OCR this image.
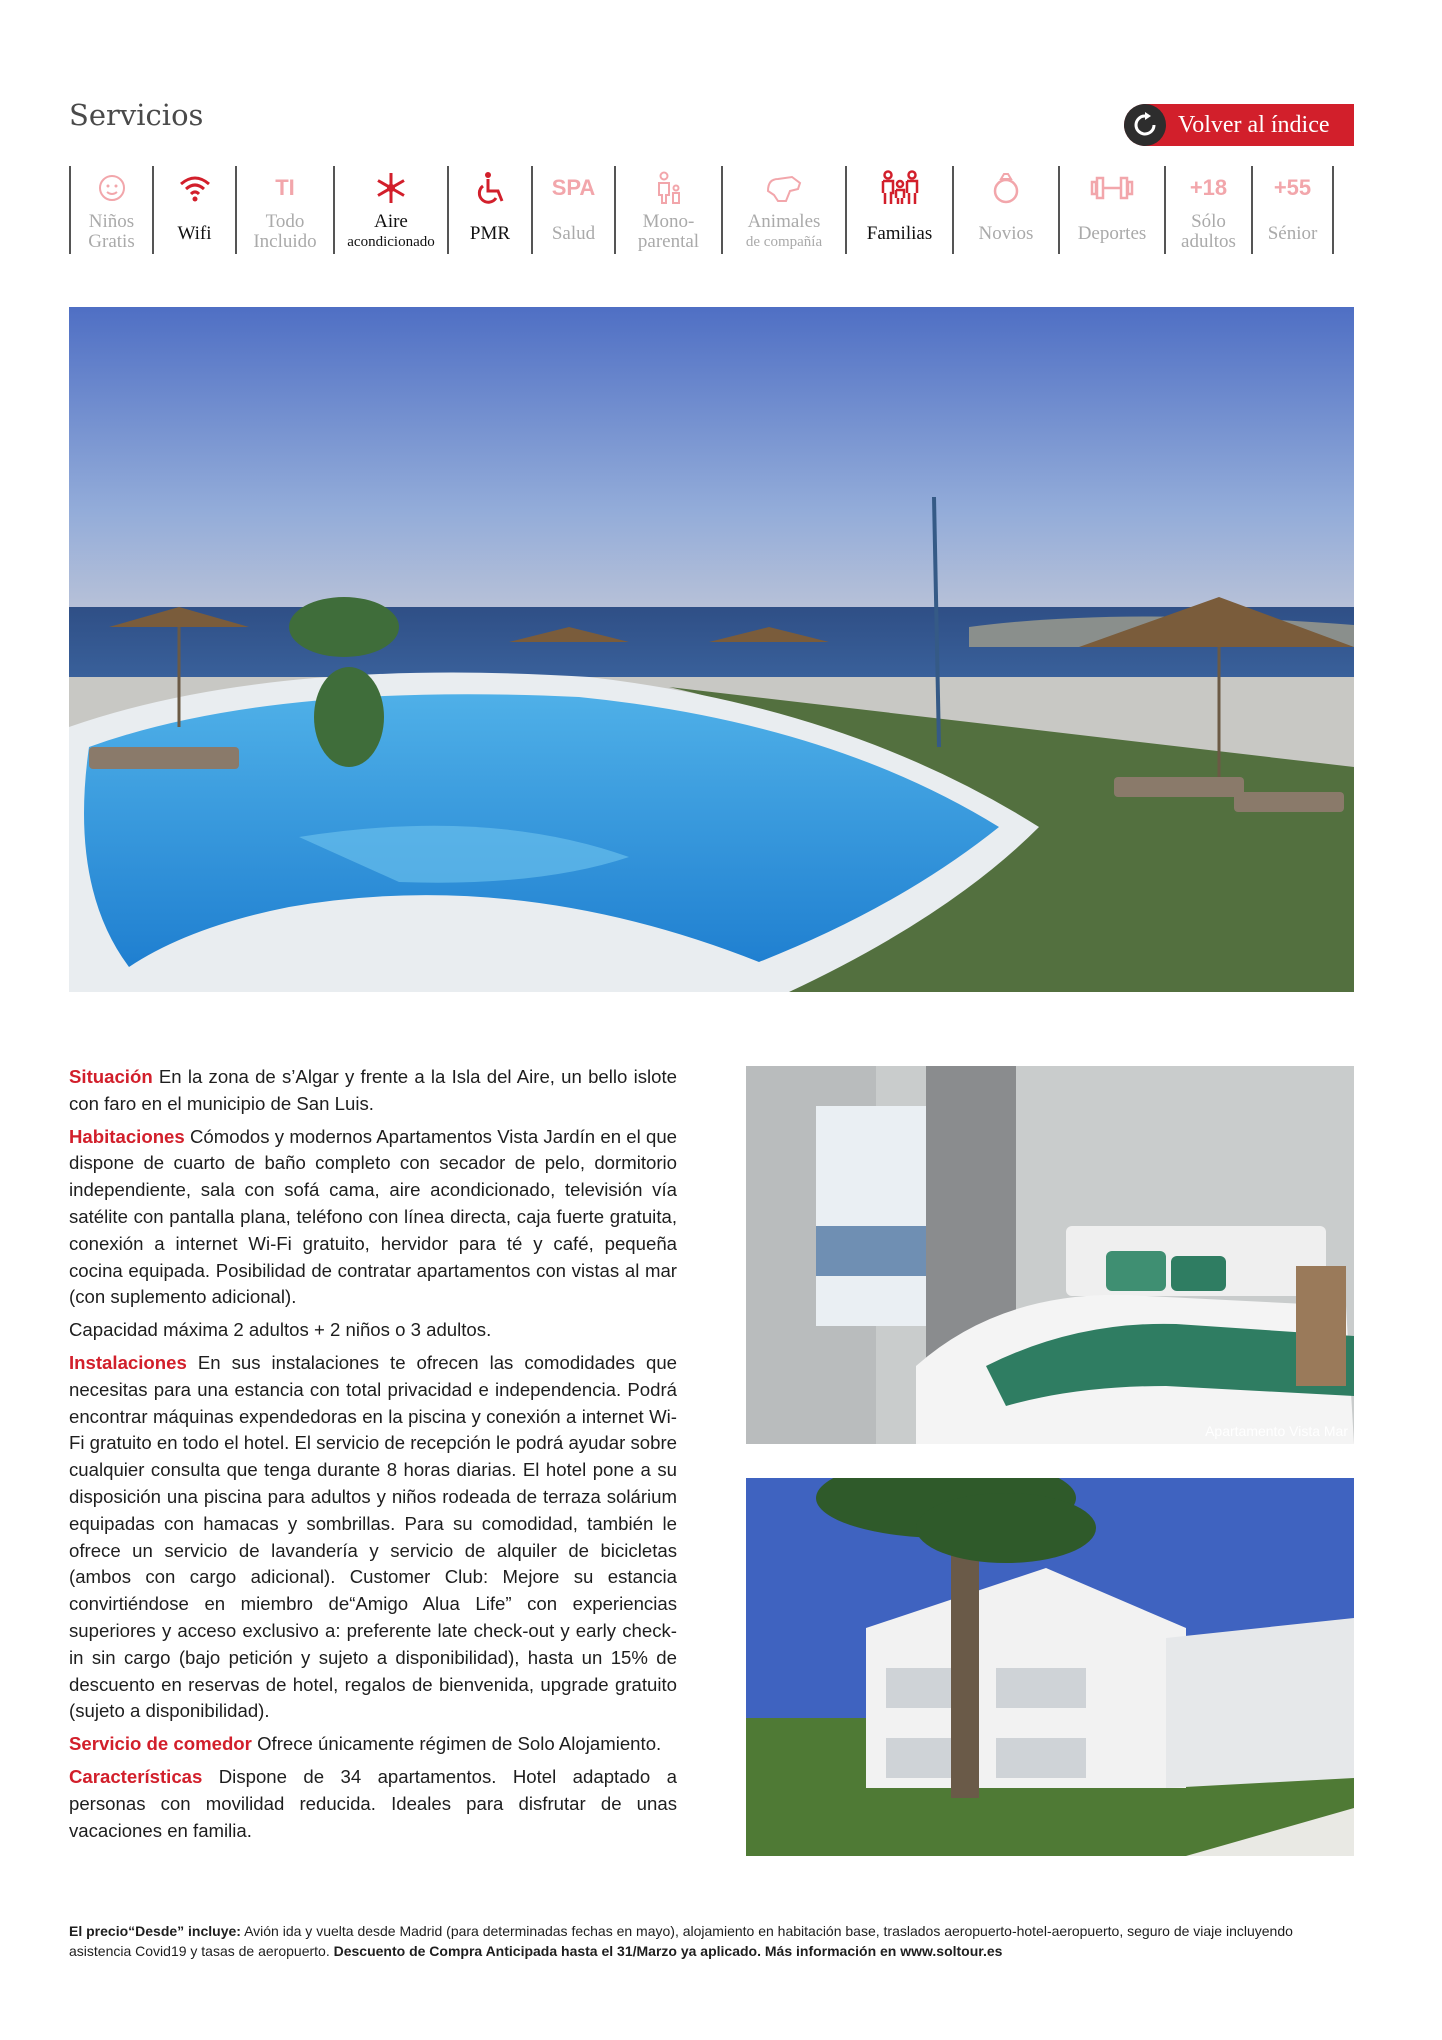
Servicios	Volver al índice
Niños
Gratis Wifi
TI
Todo
Incluido
Aire
acondicionado PMR
SPA
Salud
Mono-
parental
Animales
de compañía Familias Novios Deportes
+18
Sólo
adultos
+55
Sénior

Situación En la zona de s’Algar y frente a la Isla del Aire, un bello islote con faro en el municipio de San Luis.

Habitaciones Cómodos y modernos Apartamentos Vista Jardín en el que dispone de cuarto de baño completo con secador de pelo, dormitorio independiente, sala con sofá cama, aire acondicionado, televisión vía satélite con pantalla plana, teléfono con línea directa, caja fuerte gratuita, conexión a internet Wi-Fi gratuito, hervidor para té y café, pequeña cocina equipada. Posibilidad de contratar apartamentos con vistas al mar (con suplemento adicional).

Capacidad máxima 2 adultos + 2 niños o 3 adultos.

Instalaciones En sus instalaciones te ofrecen las comodidades que necesitas para una estancia con total privacidad e independencia. Podrá encontrar máquinas expendedoras en la piscina y conexión a internet Wi-Fi gratuito en todo el hotel. El servicio de recepción le podrá ayudar sobre cualquier consulta que tenga durante 8 horas diarias. El hotel pone a su disposición una piscina para adultos y niños rodeada de terraza solárium equipadas con hamacas y sombrillas. Para su comodidad, también le ofrece un servicio de lavandería y servicio de alquiler de bicicletas (ambos con cargo adicional). Customer Club: Mejore su estancia convirtiéndose en miembro de“Amigo Alua Life” con experiencias superiores y acceso exclusivo a: preferente late check-out y early check-in sin cargo (bajo petición y sujeto a disponibilidad), hasta un 15% de descuento en reservas de hotel, regalos de bienvenida, upgrade gratuito (sujeto a disponibilidad).

Servicio de comedor Ofrece únicamente régimen de Solo Alojamiento.

Características Dispone de 34 apartamentos. Hotel adaptado a personas con movilidad reducida. Ideales para disfrutar de unas vacaciones en familia.

Apartamento Vista Mar
El precio“Desde” incluye: Avión ida y vuelta desde Madrid (para determinadas fechas en mayo), alojamiento en habitación base, traslados aeropuerto-hotel-aeropuerto, seguro de viaje incluyendo asistencia Covid19 y tasas de aeropuerto. Descuento de Compra Anticipada hasta el 31/Marzo ya aplicado. Más información en www.soltour.es
